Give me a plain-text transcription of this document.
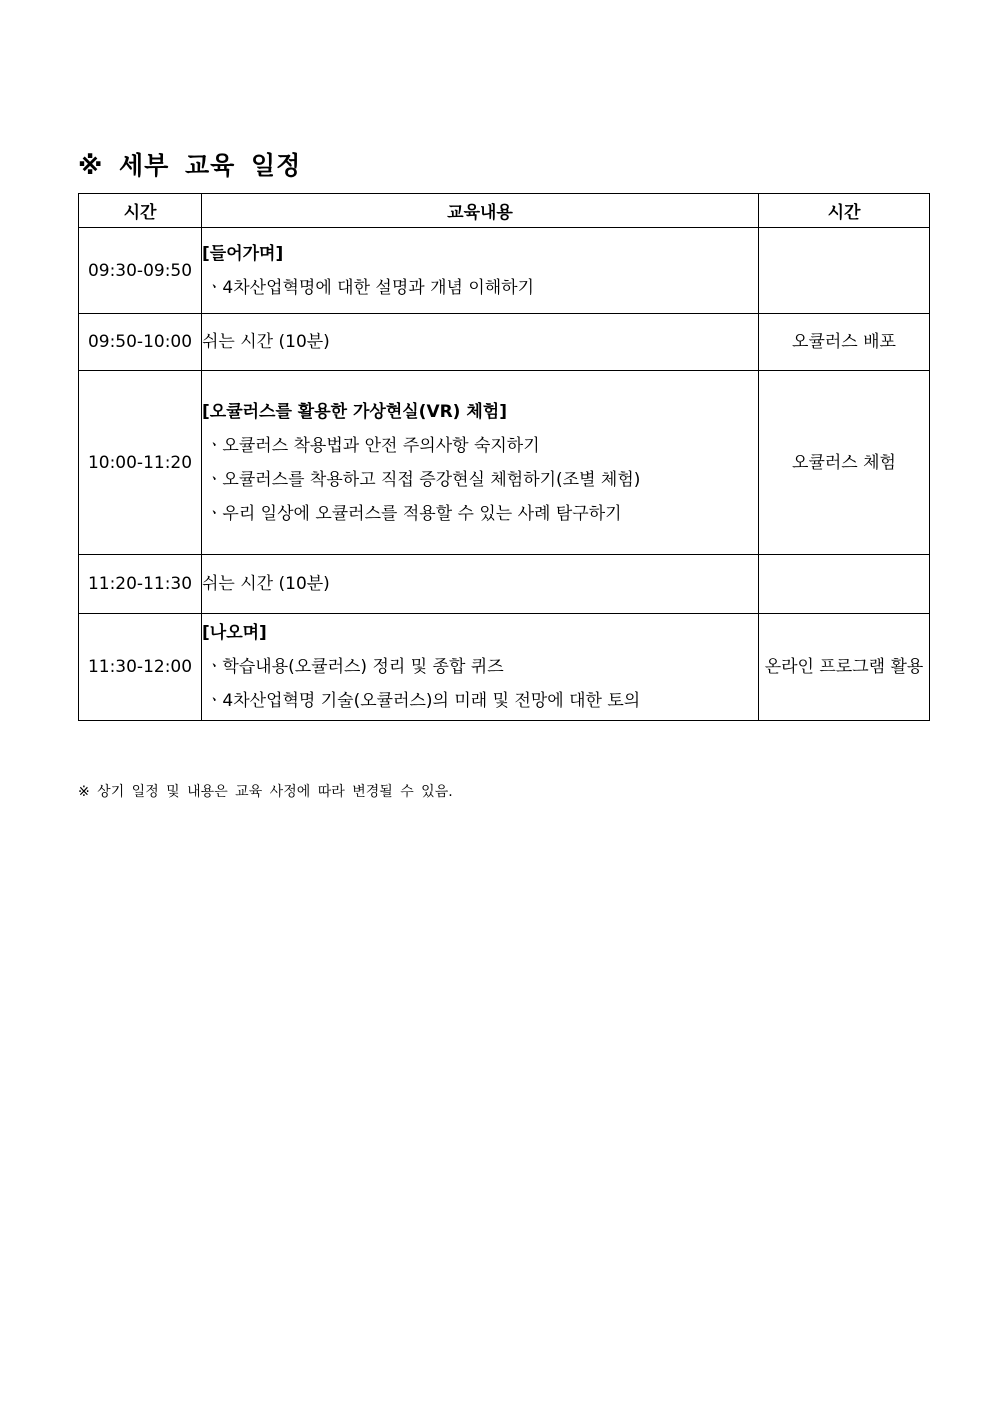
※ 세부 교육 일정
시간	교육내용	시간
09:30-09:50	[들어가며]
ㆍ4차산업혁명에 대한 설명과 개념 이해하기	

09:50-10:00	쉬는 시간 (10분)	오큘러스 배포
10:00-11:20	[오큘러스를 활용한 가상현실(VR) 체험]
ㆍ오큘러스 착용법과 안전 주의사항 숙지하기
ㆍ오큘러스를 착용하고 직접 증강현실 체험하기(조별 체험)
ㆍ우리 일상에 오큘러스를 적용할 수 있는 사례 탐구하기	오큘러스 체험
11:20-11:30	쉬는 시간 (10분)	

11:30-12:00	[나오며]
ㆍ학습내용(오큘러스) 정리 및 종합 퀴즈
ㆍ4차산업혁명 기술(오큘러스)의 미래 및 전망에 대한 토의	온라인 프로그램 활용
※ 상기 일정 및 내용은 교육 사정에 따라 변경될 수 있음.
